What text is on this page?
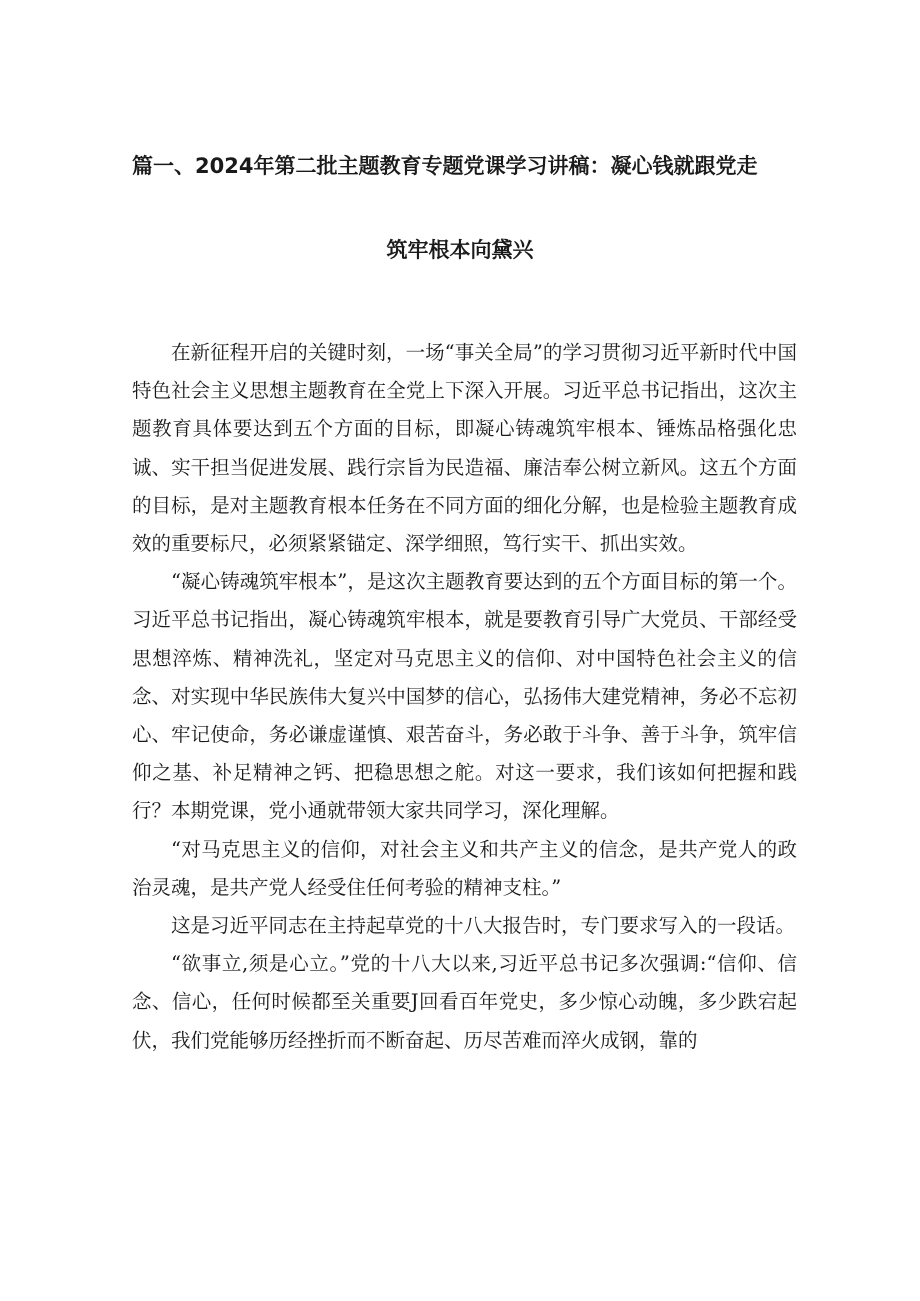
篇一、2024年第二批主题教育专题党课学习讲稿：凝心钱就跟党走
筑牢根本向黛兴

在新征程开启的关键时刻，一场“事关全局”的学习贯彻习近平新时代中国特色社会主义思想主题教育在全党上下深入开展。习近平总书记指出，这次主题教育具体要达到五个方面的目标，即凝心铸魂筑牢根本、锤炼品格强化忠诚、实干担当促进发展、践行宗旨为民造福、廉洁奉公树立新风。这五个方面的目标，是对主题教育根本任务在不同方面的细化分解，也是检验主题教育成效的重要标尺，必须紧紧锚定、深学细照，笃行实干、抓出实效。

“凝心铸魂筑牢根本”，是这次主题教育要达到的五个方面目标的第一个。习近平总书记指出，凝心铸魂筑牢根本，就是要教育引导广大党员、干部经受思想淬炼、精神洗礼，坚定对马克思主义的信仰、对中国特色社会主义的信念、对实现中华民族伟大复兴中国梦的信心，弘扬伟大建党精神，务必不忘初心、牢记使命，务必谦虚谨慎、艰苦奋斗，务必敢于斗争、善于斗争，筑牢信仰之基、补足精神之钙、把稳思想之舵。对这一要求，我们该如何把握和践行？本期党课，党小通就带领大家共同学习，深化理解。

“对马克思主义的信仰，对社会主义和共产主义的信念，是共产党人的政治灵魂，是共产党人经受住任何考验的精神支柱。”

这是习近平同志在主持起草党的十八大报告时，专门要求写入的一段话。

“欲事立,须是心立。”党的十八大以来,习近平总书记多次强调:“信仰、信念、信心，任何时候都至关重要J回看百年党史，多少惊心动魄，多少跌宕起伏，我们党能够历经挫折而不断奋起、历尽苦难而淬火成钢，靠的
